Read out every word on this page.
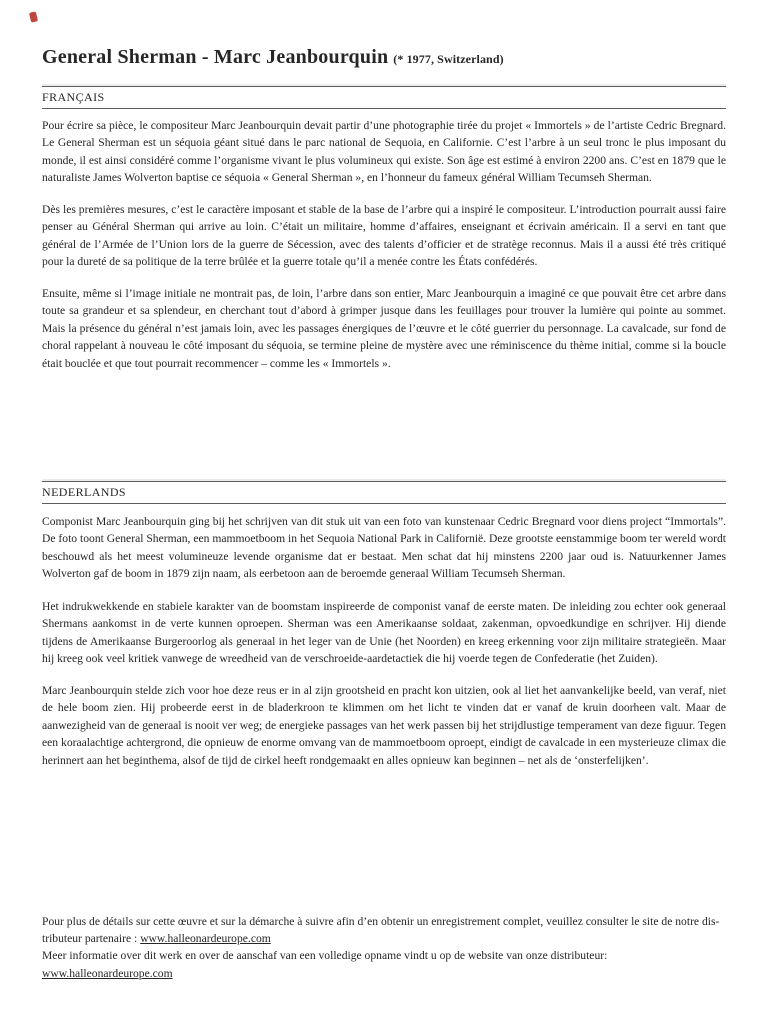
General Sherman - Marc Jeanbourquin (* 1977, Switzerland)
FRANÇAIS

Pour écrire sa pièce, le compositeur Marc Jeanbourquin devait partir d’une photographie tirée du projet « Immortels » de l’artiste Cedric Bregnard. Le General Sherman est un séquoia géant situé dans le parc national de Sequoia, en Californie. C’est l’arbre à un seul tronc le plus imposant du monde, il est ainsi considéré comme l’organisme vivant le plus volumineux qui existe. Son âge est estimé à environ 2200 ans. C’est en 1879 que le naturaliste James Wolverton baptise ce séquoia « General Sherman », en l’honneur du fameux général William Tecumseh Sherman.

Dès les premières mesures, c’est le caractère imposant et stable de la base de l’arbre qui a inspiré le compositeur. L’introduction pourrait aussi faire penser au Général Sherman qui arrive au loin. C’était un militaire, homme d’affaires, enseignant et écrivain américain. Il a servi en tant que général de l’Armée de l’Union lors de la guerre de Sécession, avec des talents d’officier et de stratège reconnus. Mais il a aussi été très critiqué pour la dureté de sa politique de la terre brûlée et la guerre totale qu’il a menée contre les États confédérés.

Ensuite, même si l’image initiale ne montrait pas, de loin, l’arbre dans son entier, Marc Jeanbourquin a imaginé ce que pouvait être cet arbre dans toute sa grandeur et sa splendeur, en cherchant tout d’abord à grimper jusque dans les feuillages pour trouver la lumière qui pointe au sommet. Mais la présence du général n’est jamais loin, avec les passages énergiques de l’œuvre et le côté guerrier du personnage. La cavalcade, sur fond de choral rappelant à nouveau le côté imposant du séquoia, se termine pleine de mystère avec une réminiscence du thème initial, comme si la boucle était bouclée et que tout pourrait recommencer – comme les « Immortels ».

NEDERLANDS

Componist Marc Jeanbourquin ging bij het schrijven van dit stuk uit van een foto van kunstenaar Cedric Bregnard voor diens project “Immortals”. De foto toont General Sherman, een mammoetboom in het Sequoia National Park in Californië. Deze grootste eenstammige boom ter wereld wordt beschouwd als het meest volumineuze levende organisme dat er bestaat. Men schat dat hij minstens 2200 jaar oud is. Natuurkenner James Wolverton gaf de boom in 1879 zijn naam, als eerbetoon aan de beroemde generaal William Tecumseh Sherman.

Het indrukwekkende en stabiele karakter van de boomstam inspireerde de componist vanaf de eerste maten. De inleiding zou echter ook generaal Shermans aankomst in de verte kunnen oproepen. Sherman was een Amerikaanse soldaat, zakenman, opvoedkundige en schrijver. Hij diende tijdens de Amerikaanse Burgeroorlog als generaal in het leger van de Unie (het Noorden) en kreeg erkenning voor zijn militaire strategieën. Maar hij kreeg ook veel kritiek vanwege de wreedheid van de verschroeide-aardetactiek die hij voerde tegen de Confederatie (het Zuiden).

Marc Jeanbourquin stelde zich voor hoe deze reus er in al zijn grootsheid en pracht kon uitzien, ook al liet het aanvankelijke beeld, van veraf, niet de hele boom zien. Hij probeerde eerst in de bladerkroon te klimmen om het licht te vinden dat er vanaf de kruin doorheen valt. Maar de aanwezigheid van de generaal is nooit ver weg; de energieke passages van het werk passen bij het strijdlustige temperament van deze figuur. Tegen een koraalachtige achtergrond, die opnieuw de enorme omvang van de mammoetboom oproept, eindigt de cavalcade in een mysterieuze climax die herinnert aan het beginthema, alsof de tijd de cirkel heeft rondgemaakt en alles opnieuw kan beginnen – net als de ‘onsterfelijken’.

Pour plus de détails sur cette œuvre et sur la démarche à suivre afin d’en obtenir un enregistrement complet, veuillez consulter le site de notre dis-
tributeur partenaire : www.halleonardeurope.com
Meer informatie over dit werk en over de aanschaf van een volledige opname vindt u op de website van onze distributeur:
www.halleonardeurope.com
